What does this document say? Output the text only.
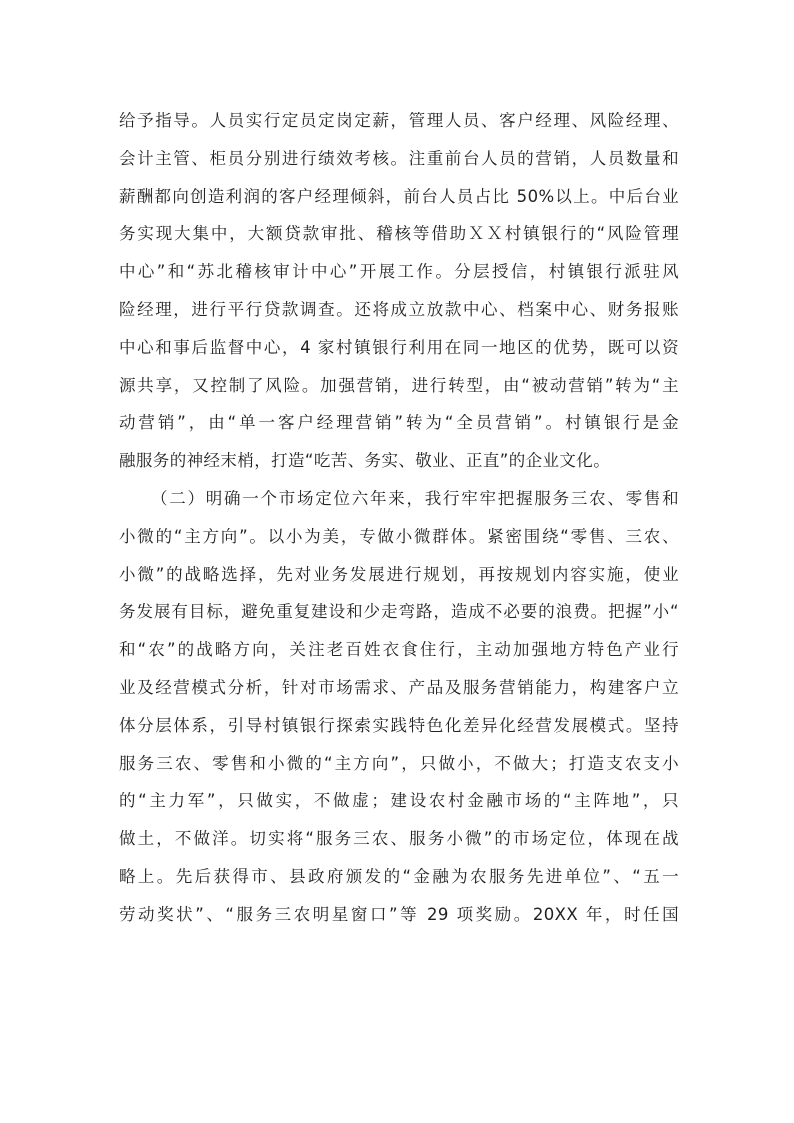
给予指导。人员实行定员定岗定薪，管理人员、客户经理、风险经理、
会计主管、柜员分别进行绩效考核。注重前台人员的营销，人员数量和
薪酬都向创造利润的客户经理倾斜，前台人员占比 50%以上。中后台业
务实现大集中，大额贷款审批、稽核等借助ＸＸ村镇银行的“风险管理
中心”和“苏北稽核审计中心”开展工作。分层授信，村镇银行派驻风
险经理，进行平行贷款调查。还将成立放款中心、档案中心、财务报账
中心和事后监督中心，4 家村镇银行利用在同一地区的优势，既可以资
源共享，又控制了风险。加强营销，进行转型，由“被动营销”转为“主
动营销”，由“单一客户经理营销”转为“全员营销”。村镇银行是金
融服务的神经末梢，打造“吃苦、务实、敬业、正直”的企业文化。
（二）明确一个市场定位六年来，我行牢牢把握服务三农、零售和
小微的“主方向”。以小为美，专做小微群体。紧密围绕“零售、三农、
小微”的战略选择，先对业务发展进行规划，再按规划内容实施，使业
务发展有目标，避免重复建设和少走弯路，造成不必要的浪费。把握”小“
和“农”的战略方向，关注老百姓衣食住行，主动加强地方特色产业行
业及经营模式分析，针对市场需求、产品及服务营销能力，构建客户立
体分层体系，引导村镇银行探索实践特色化差异化经营发展模式。坚持
服务三农、零售和小微的“主方向”，只做小，不做大；打造支农支小
的“主力军”，只做实，不做虚；建设农村金融市场的“主阵地”，只
做土，不做洋。切实将“服务三农、服务小微”的市场定位，体现在战
略上。先后获得市、县政府颁发的“金融为农服务先进单位”、“五一
劳动奖状”、“服务三农明星窗口”等 29 项奖励。20XX 年，时任国
